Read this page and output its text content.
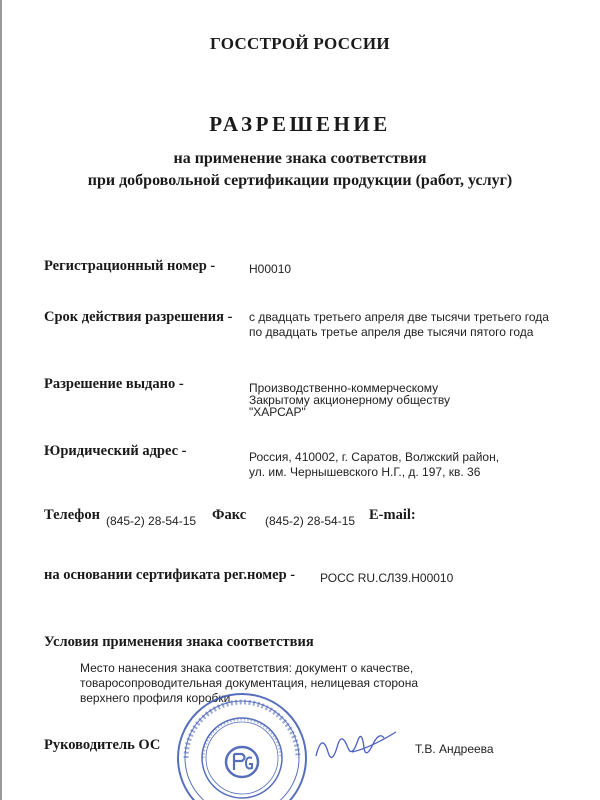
ГОССТРОЙ РОССИИ
РАЗРЕШЕНИЕ
на применение знака соответствия
при добровольной сертификации продукции (работ, услуг)
Регистрационный номер -	Н00010
Срок действия разрешения - с двадцать третьего апреля две тысячи третьего года
по двадцать третье апреля две тысячи пятого года
Разрешение выдано -	Производственно-коммерческому
Закрытому акционерному обществу
"ХАРСАР"
Юридический адрес -	Россия, 410002, г. Саратов, Волжский район,
ул. им. Чернышевского Н.Г., д. 197, кв. 36
Телефон (845-2) 28-54-15 Факс (845-2) 28-54-15 E-mail:
на основании сертификата рег.номер - РОСС RU.СЛ39.Н00010
Условия применения знака соответствия
Место нанесения знака соответствия: документ о качестве,
товаросопроводительная документация, нелицевая сторона
верхнего профиля коробки
Руководитель ОС	Т.В. Андреева
